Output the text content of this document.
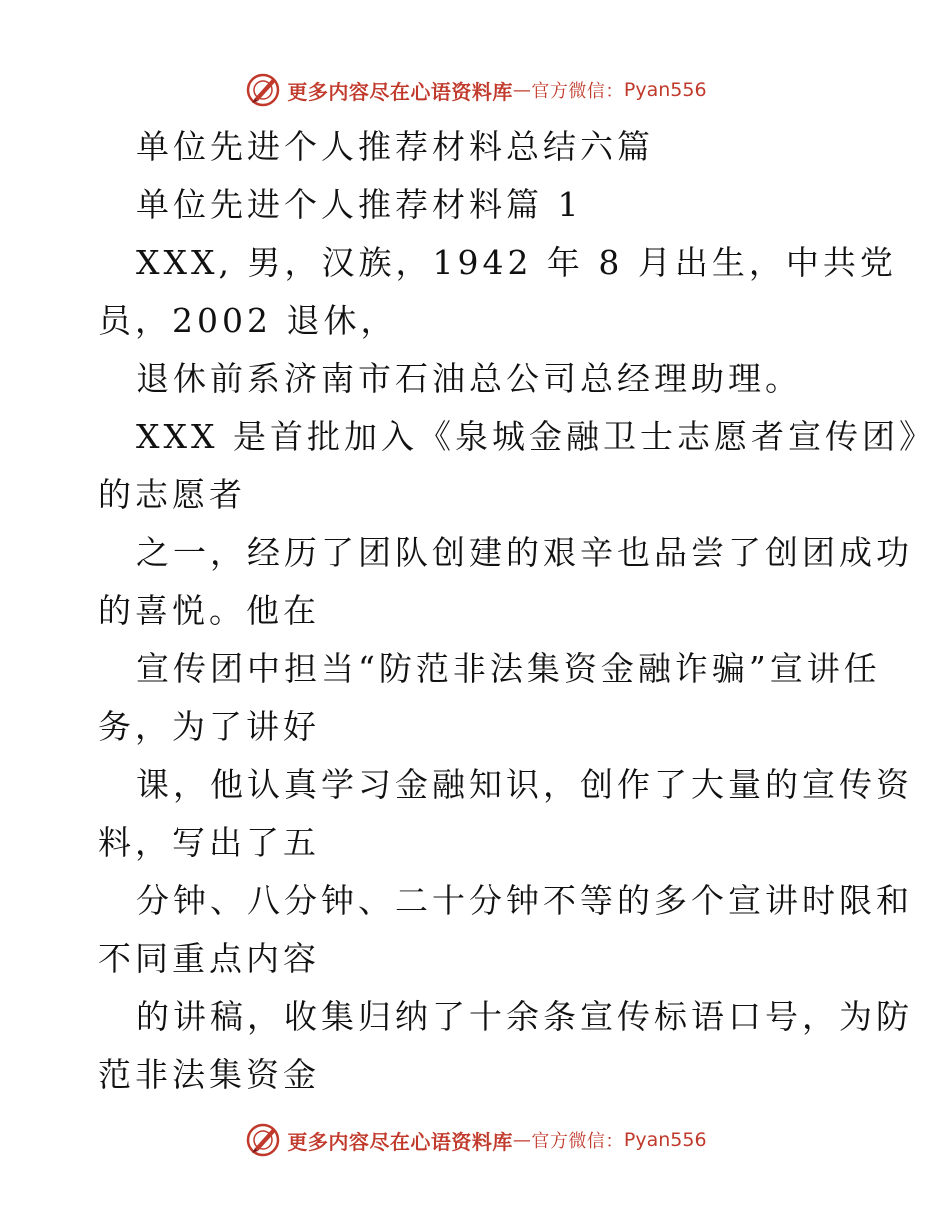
更多内容尽在心语资料库 — 官方微信： Pyan556

单位先进个人推荐材料总结六篇

单位先进个人推荐材料篇 1

XXX, 男，汉族，1942 年 8 月出生，中共党

员，2002 退休，

退休前系济南市石油总公司总经理助理。

XXX 是首批加入《泉城金融卫士志愿者宣传团》

的志愿者

之一，经历了团队创建的艰辛也品尝了创团成功

的喜悦。他在

宣传团中担当“防范非法集资金融诈骗”宣讲任

务，为了讲好

课，他认真学习金融知识，创作了大量的宣传资

料，写出了五

分钟、八分钟、二十分钟不等的多个宣讲时限和

不同重点内容

的讲稿，收集归纳了十余条宣传标语口号，为防

范非法集资金

更多内容尽在心语资料库 — 官方微信： Pyan556
